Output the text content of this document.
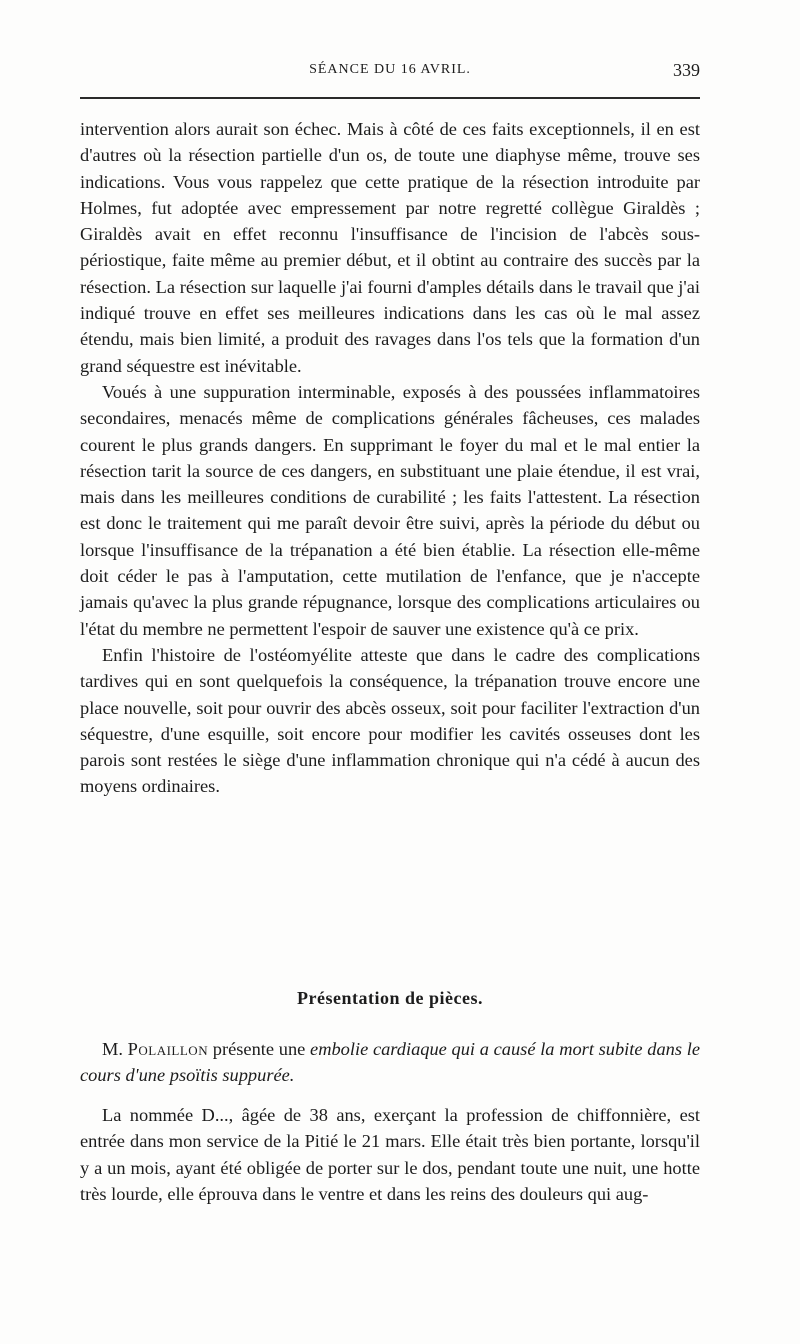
SÉANCE DU 16 AVRIL.	339

intervention alors aurait son échec. Mais à côté de ces faits exceptionnels, il en est d'autres où la résection partielle d'un os, de toute une diaphyse même, trouve ses indications. Vous vous rappelez que cette pratique de la résection introduite par Holmes, fut adoptée avec empressement par notre regretté collègue Giraldès ; Giraldès avait en effet reconnu l'insuffisance de l'incision de l'abcès sous-périostique, faite même au premier début, et il obtint au contraire des succès par la résection. La résection sur laquelle j'ai fourni d'amples détails dans le travail que j'ai indiqué trouve en effet ses meilleures indications dans les cas où le mal assez étendu, mais bien limité, a produit des ravages dans l'os tels que la formation d'un grand séquestre est inévitable.

Voués à une suppuration interminable, exposés à des poussées inflammatoires secondaires, menacés même de complications générales fâcheuses, ces malades courent le plus grands dangers. En supprimant le foyer du mal et le mal entier la résection tarit la source de ces dangers, en substituant une plaie étendue, il est vrai, mais dans les meilleures conditions de curabilité ; les faits l'attestent. La résection est donc le traitement qui me paraît devoir être suivi, après la période du début ou lorsque l'insuffisance de la trépanation a été bien établie. La résection elle-même doit céder le pas à l'amputation, cette mutilation de l'enfance, que je n'accepte jamais qu'avec la plus grande répugnance, lorsque des complications articulaires ou l'état du membre ne permettent l'espoir de sauver une existence qu'à ce prix.

Enfin l'histoire de l'ostéomyélite atteste que dans le cadre des complications tardives qui en sont quelquefois la conséquence, la trépanation trouve encore une place nouvelle, soit pour ouvrir des abcès osseux, soit pour faciliter l'extraction d'un séquestre, d'une esquille, soit encore pour modifier les cavités osseuses dont les parois sont restées le siège d'une inflammation chronique qui n'a cédé à aucun des moyens ordinaires.

Présentation de pièces.

M. Polaillon présente une embolie cardiaque qui a causé la mort subite dans le cours d'une psoïtis suppurée.

La nommée D..., âgée de 38 ans, exerçant la profession de chiffonnière, est entrée dans mon service de la Pitié le 21 mars. Elle était très bien portante, lorsqu'il y a un mois, ayant été obligée de porter sur le dos, pendant toute une nuit, une hotte très lourde, elle éprouva dans le ventre et dans les reins des douleurs qui aug-
